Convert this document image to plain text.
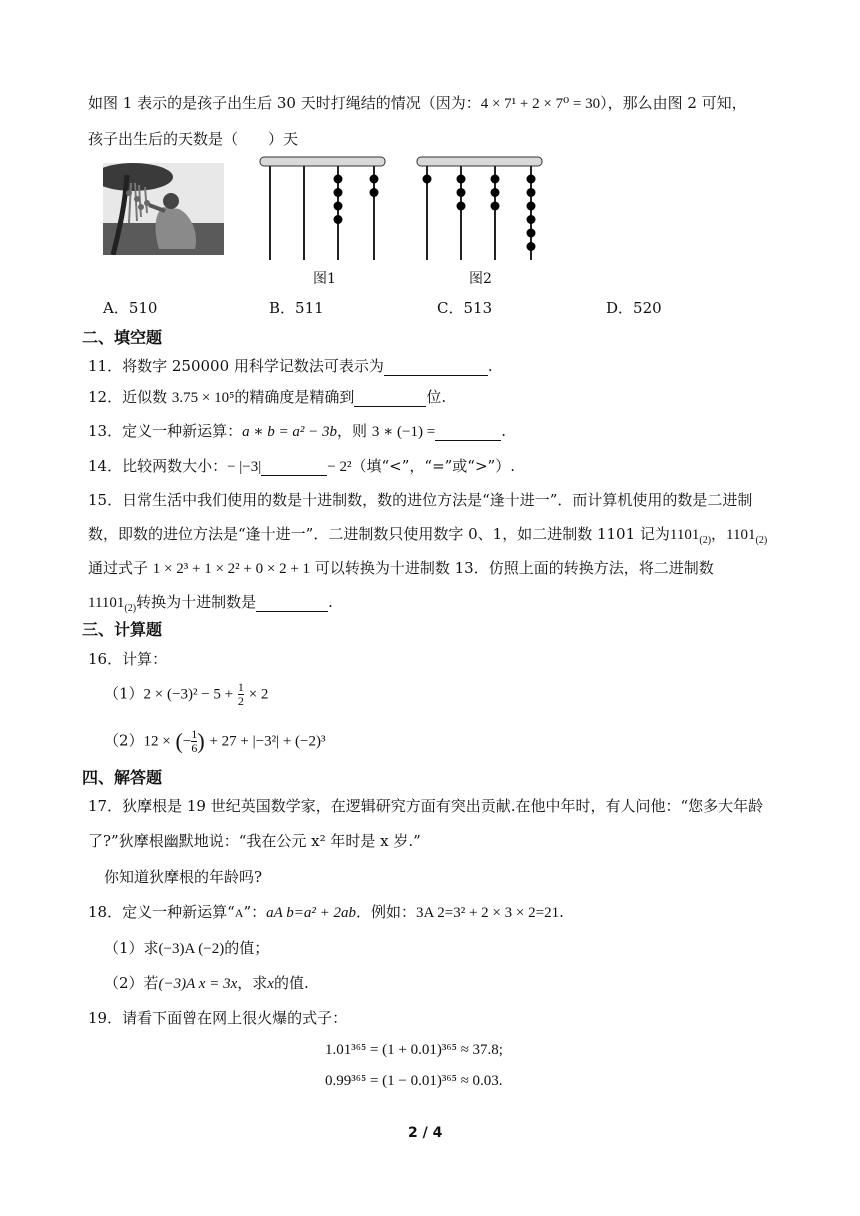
如图 1 表示的是孩子出生后 30 天时打绳结的情况（因为：4 × 7¹ + 2 × 7⁰ = 30），那么由图 2 可知，
孩子出生后的天数是（　　）天
图1	图2
A．510	B．511	C．513	D．520
二、填空题
11．将数字 250000 用科学记数法可表示为	.
12．近似数 3.75 × 10⁵的精确度是精确到	位.
13．定义一种新运算：a ∗ b = a² − 3b，则 3 ∗ (−1) =	.
14．比较两数大小：− |−3|	− 2²（填“<”，“=”或“>”）.
15．日常生活中我们使用的数是十进制数，数的进位方法是“逢十进一”．而计算机使用的数是二进制
数，即数的进位方法是“逢十进一”．二进制数只使用数字 0、1，如二进制数 1101 记为$1101_{(2)}$，$1101_{(2)}$
通过式子 1 × 2³ + 1 × 2² + 0 × 2 + 1 可以转换为十进制数 13．仿照上面的转换方法，将二进制数
$11101_{(2)}$转换为十进制数是	.
三、计算题
16．计算：
$(1)2 \times (-3)^2 - 5 + \frac{1}{2} \times 2$
$(2)12 \times (-\frac{1}{6}$ ) + 27 + |−3²| + (−2)³
四、解答题
17．狄摩根是 19 世纪英国数学家，在逻辑研究方面有突出贡献.在他中年时，有人问他：“您多大年龄
了?”狄摩根幽默地说：“我在公元 x² 年时是 x 岁.”
你知道狄摩根的年龄吗?
18．定义一种新运算“A”：aA b=a² + 2ab．例如：3A 2=3² + 2 × 3 × 2=21.
（1）求(−3)A (−2)的值；
（2）若(−3)A x = 3x，求x的值.
19．请看下面曾在网上很火爆的式子：
1.01³⁶⁵ = (1 + 0.01)³⁶⁵ ≈ 37.8;
0.99³⁶⁵ = (1 − 0.01)³⁶⁵ ≈ 0.03.
2 / 4
